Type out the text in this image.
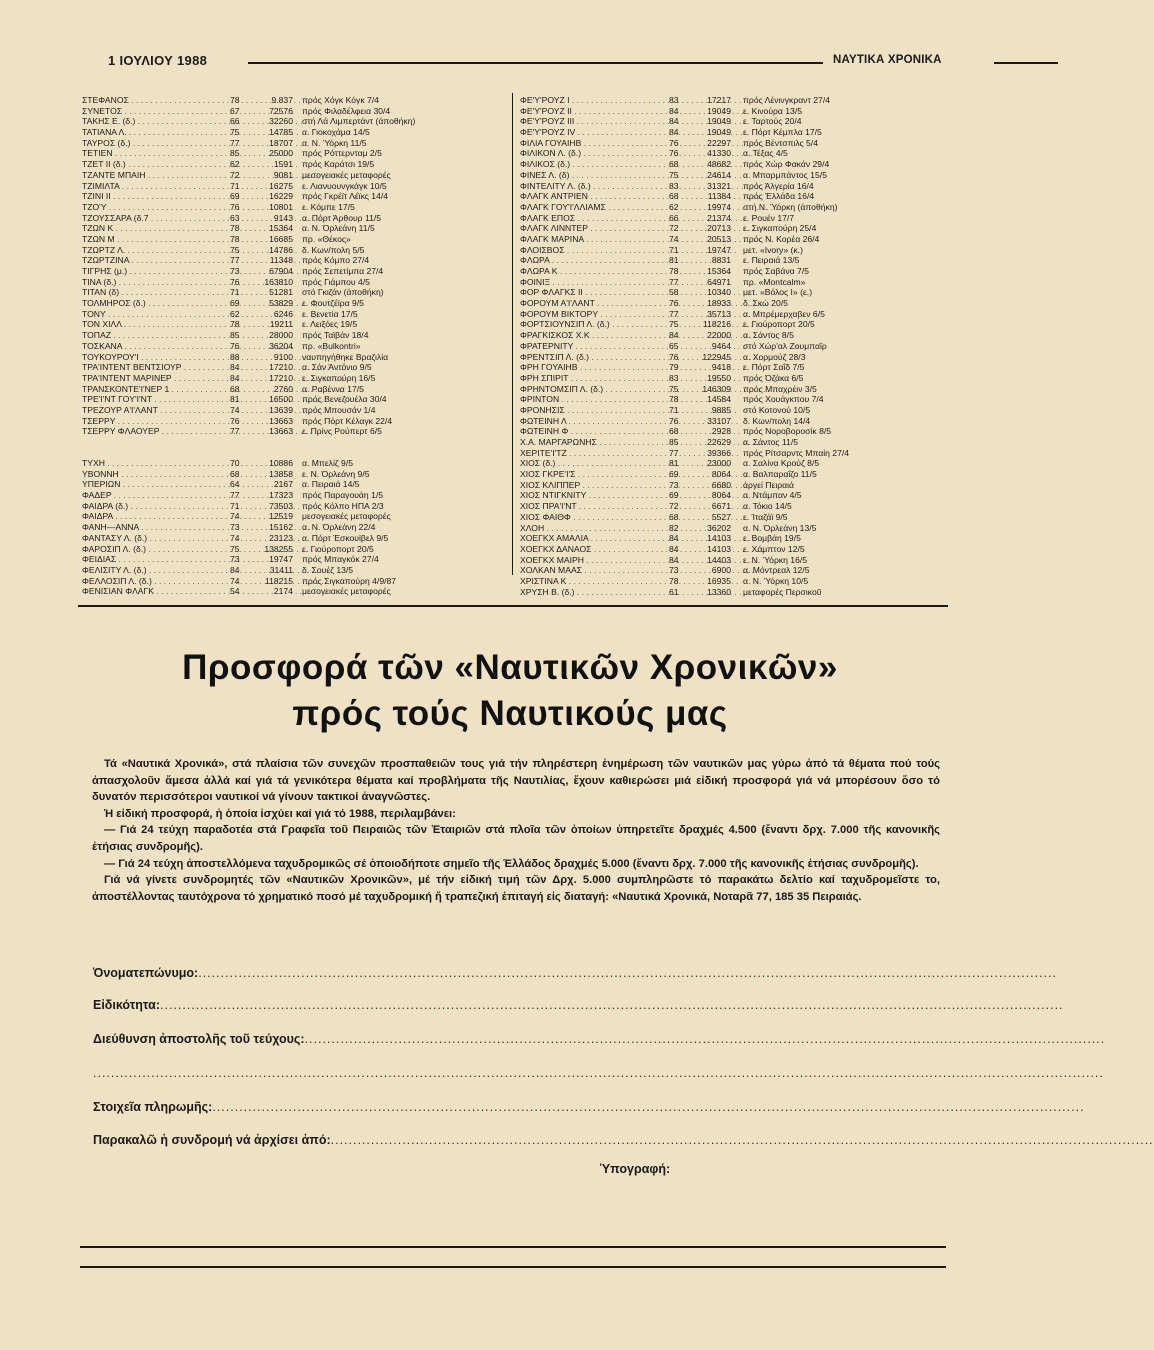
1 ΙΟΥΛΙΟΥ 1988	ΝΑΥΤΙΚΑ ΧΡΟΝΙΚΑ
ΣΤΕΦΑΝΟΣ . . .	78	9.837 πρός Χόγκ Κόγκ 7/4
ΣΥΝΕΤΟΣ . . .	67	72576 πρός Φιλαδέλφεια 30/4
ΤΑΚΗΣ Ε. (δ.) . . .	66	32260 στή Λά Λιμπερτάντ (άποθήκη)
ΤΑΤΙΑΝΑ Λ. . . .	75	14785 α. Γιοκοχάμα 14/5
ΤΑΥΡΟΣ (δ.) . . .	77	18707 α. Ν. Ύόρκη 11/5
ΤΕΤΙΕΝ . . .	85	25000 πρός Ρόττερνταμ 2/5
ΤΖΕΤ ΙΙ (δ.) . . .	62	1591 πρός Καράτσι 19/5
ΤΖΑΝΤΕ ΜΠΑΙΗ . . .	72	9081 μεσογειακές μεταφορές
ΤΖΙΜΙΛΤΑ . . .	71	16275 ε. Λιανυουνγκάγκ 10/5
ΤΖΙΝΙ ΙΙ . . .	69	16229 πρός Γκρέϊτ Λέϊκς 14/4
ΤΖΟ'Υ . . .	76	10801 ε. Κόμπε 17/5
ΤΖΟΥΣΣΑΡΑ (δ.7 . . .	63	9143 α. Πόρτ Άρθουρ 11/5
ΤΖΩΝ Κ . . .	78	15364 α. Ν. Όρλεάνη 11/5
ΤΖΩΝ Μ . . .	78	16685 πρ. «Θέκος»
ΤΖΩΡΤΖ Λ. . . .	75	14786 δ. Κων/πολη 5/5
ΤΖΩΡΤΖΙΝΑ . . .	77	11348 πρός Κόμπο 27/4
ΤΙΓΡΗΣ (μ.) . . .	73	67904 πρός Σεπετίμπα 27/4
ΤΙΝΑ (δ.) . . .	76	163810 πρός Γιάμπου 4/5
ΤΙΤΑΝ (δ) . . .	71	51281 στό Γκιζάν (άποθήκη)
ΤΟΛΜΗΡΟΣ (δ.) . . .	69	53829 ε. Φουτζέϊρα 9/5
ΤΟΝΥ . . .	62	6246 ε. Βενετία 17/5
ΤΟΝ ΧΙΛΛ . . .	78	19211 ε. Λειξόες 19/5
ΤΟΠΑΖ . . .	85	28000 πρός Ταϊβάν 18/4
ΤΟΣΚΑΝΑ . . .	76	36204 πρ. «Bulkontri»
ΤΟΥΚΟΥΡΟΥ'Ι . . .	88	9100 ναυπηγήθηκε Βραζιλία
ΤΡΑ'ΙΝΤΕΝΤ ΒΕΝΤΣΙΟΥΡ . . .	84	17210 α. Σάν Άντόνιο 9/5
ΤΡΑ'ΙΝΤΕΝΤ ΜΑΡΙΝΕΡ . . .	84	17210 ε. Σιγκαπούρη 16/5
ΤΡΑΝΣΚΟΝΤΕ'Ι'ΝΕΡ 1 . . .	68	2760 α. Ραβέννα 17/5
ΤΡΕ'Ι'ΝΤ ΓΟΥ'Ι'ΝΤ . . .	81	16500 πρός Βενεζουέλα 30/4
ΤΡΕΖΟΥΡ Α'Ι'ΛΑΝΤ . . .	74	13639 πρός Μπουσάν 1/4
ΤΣΕΡΡΥ . . .	76	13663 πρός Πόρτ Κέλαγκ 22/4
ΤΣΕΡΡΥ ΦΛΑΟΥΕΡ . . .	77	13663 ε. Πρίνς Ρούπερτ 6/5
ΤΥΧΗ . . .	70	10886 α. Μπελίζ 9/5
ΥΒΟΝΝΗ . . .	68	13858 ε. Ν. Όρλεάνη 9/5
ΥΠΕΡΙΩΝ . . .	64	2167 α. Πειραιά 14/5
ΦΑΔΕΡ . . .	77	17323 πρός Παραγουάη 1/5
ΦΑΙΔΡΑ (δ.) . . .	71	73503 πρός Κόλπο ΗΠΑ 2/3
ΦΑΙΔΡΑ . . .	74	12519 μεσογειακές μεταφορές
ΦΑΝΗ—ΑΝΝΑ . . .	73	15162 α. Ν. Όρλεάνη 22/4
ΦΑΝΤΑΣΥ Λ. (δ.) . . .	74	23123 α. Πόρτ Έσκουϊβελ 9/5
ΦΑΡΟΣΙΠ Λ. (δ.) . . .	75	138255 ε. Γιούροπορτ 20/5
ΦΕΙΔΙΑΣ . . .	73	19747 πρός Μπαγκόκ 27/4
ΦΕΛΙΣΙΤΥ Λ. (δ.) . . .	84	31411 δ. Σουέζ 13/5
ΦΕΛΛΟΣΙΠ Λ. (δ.) . . .	74	118215 πρός Σιγκαπούρη 4/9/87
ΦΕΝΙΣΙΑΝ ΦΛΑΓΚ . . .	54	2174 μεσογειακές μεταφορές
ΦΕ'Υ'ΡΟΥΖ Ι . . .	83	17217 πρός Λένινγκραντ 27/4
ΦΕ'Υ'ΡΟΥΖ ΙΙ . . .	84	19049 ε. Κινούρα 13/5
ΦΕ'Υ'ΡΟΥΖ ΙΙΙ . . .	84	19049 ε. Ταρτούς 20/4
ΦΕ'Υ'ΡΟΥΖ ΙV . . .	84	19049 ε. Πόρτ Κέμπλα 17/5
ΦΙΛΙΑ ΓΟΥΑΙΗΒ . . .	76	22297 πρός Βέντσπιλς 5/4
ΦΙΛΙΚΟΝ Λ. (δ.) . . .	76	41330 α. Τέξας 4/5
ΦΙΛΙΚΟΣ (δ.) . . .	68	48682 πρός Χώρ Φακάν 29/4
ΦΙΝΕΣ Λ. (δ) . . .	75	24614 α. Μπαρμπάντος 15/5
ΦΙΝΤΕΛΙΤΥ Λ. (δ.) . . .	83	31321 πρός Άλγερία 16/4
ΦΛΑΓΚ ΑΝΤΡΙΕΝ . . .	68	11384 πρός Έλλάδα 16/4
ΦΛΑΓΚ ΓΟΥ'Ι'ΛΛΙΑΜΣ . . .	62	19974 στή Ν. Ύόρκη (άποθήκη)
ΦΛΑΓΚ ΕΠΟΣ . . .	66	21374 ε. Ρουέν 17/7
ΦΛΑΓΚ ΛΙΝΝΤΕΡ . . .	72	20713 ε. Σιγκαπούρη 25/4
ΦΛΑΓΚ ΜΑΡΙΝΑ . . .	74	20513 πρός Ν. Κορέα 26/4
ΦΛΟΙΣΒΟΣ . . .	71	19747 μετ. «Ivory» (κ.)
ΦΛΩΡΑ . . .	81	8831 ε. Πειραιά 13/5
ΦΛΩΡΑ Κ . . .	78	15364 πρός Σαβάνα 7/5
ΦΟΙΝΙΞ . . .	77	64971 πρ. «Montcalm»
ΦΟΡ ΦΛΑΓΚΣ ΙΙ . . .	58	10340 μετ. «Βόλος Ι» (ε.)
ΦΟΡΟΥΜ Α'Ι'ΛΑΝΤ . . .	76	18933 δ. Σκώ 20/5
ΦΟΡΟΥΜ ΒΙΚΤΟΡΥ . . .	77	35713 α. Μπρέμερχαβεν 6/5
ΦΟΡΤΣΙΟΥΝΣΙΠ Λ. (δ.) . . .	75	118216 ε. Γιούροπορτ 20/5
ΦΡΑΓΚΙΣΚΟΣ Χ.Κ . . .	84	22000 α. Σάντος 8/5
ΦΡΑΤΕΡΝΙΤΥ . . .	65	9464 στό Χώρ'αλ Ζουμπαΐρ
ΦΡΕΝΤΣΙΠ Λ. (δ.) . . .	76	122945 α. Χορμούζ 28/3
ΦΡΗ ΓΟΥΑΙΗΒ . . .	79	9418 ε. Πόρτ Σαΐδ 7/5
ΦΡΗ ΣΠΙΡΙΤ . . .	83	19550 πρός Όζάκα 6/5
ΦΡΗΝΤΟΜΣΙΠ Λ. (δ.) . . .	75	146309 πρός Μπαχρέιν 3/5
ΦΡΙΝΤΟΝ . . .	78	14584 πρός Χουάγκπου 7/4
ΦΡΟΝΗΣΙΣ . . .	71	9885 στό Κοτονού 10/5
ΦΩΤΕΙΝΗ Λ . . .	76	33107 δ. Κων/πολη 14/4
ΦΩΤΕΙΝΗ Φ . . .	68	2928 πρός Νοροβοροσίκ 8/5
Χ.Α. ΜΑΡΓΑΡΩΝΗΣ . . .	85	22629 α. Σάντος 11/5
ΧΕΡΙΤΕ'Ι'ΤΖ . . .	77	39366 πρός Ρίτσαρντς Μπαίη 27/4
ΧΙΟΣ (δ.) . . .	81	23000 α. Σαλίνα Κρούζ 8/5
ΧΙΟΣ ΓΚΡΕ'Ι'Σ . . .	69	8064 α. Βαλπαραΐζο 11/5
ΧΙΟΣ ΚΛΙΠΠΕΡ . . .	73	6680 άργεί Πειραιά
ΧΙΟΣ ΝΤΙΓΚΝΙΤΥ . . .	69	8064 α. Ντάμπαν 4/5
ΧΙΟΣ ΠΡΑ'Ι'ΝΤ . . .	72	6671 α. Τόκιο 14/5
ΧΙΟΣ ΦΑΙΘΦ . . .	68	5527 ε. Ίταζάϊ 9/5
ΧΛΟΗ . . .	82	36202 α. Ν. Όρλεάνη 13/5
ΧΟΕΓΚΧ ΑΜΑΛΙΑ . . .	84	14103 ε. Βομβάη 19/5
ΧΟΕΓΚΧ ΔΑΝΑΟΣ . . .	84	14103 ε. Χάμπτον 12/5
ΧΟΕΓΚΧ ΜΑΙΡΗ . . .	84	14403 ε. Ν. Ύόρκη 16/5
ΧΟΛΚΑΝ ΜΑΑΣ . . .	73	6900 α. Μόντρεαλ 12/5
ΧΡΙΣΤΙΝΑ Κ . . .	78	16935 α. Ν. Ύόρκη 10/5
ΧΡΥΣΗ Β. (δ.) . . .	61	13360 μεταφορές Περσικοῦ
Προσφορά τῶν «Ναυτικῶν Χρονικῶν»
πρός τούς Ναυτικούς μας

Τά «Ναυτικά Χρονικά», στά πλαίσια τῶν συνεχῶν προσπαθειῶν τους γιά τήν πληρέστερη ἐνημέρωση τῶν ναυτικῶν μας γύρω ἀπό τά θέματα πού τούς ἀπασχολοῦν ἄμεσα ἀλλά καί γιά τά γενικότερα θέματα καί προβλήματα τῆς Ναυτιλίας, ἔχουν καθιερώσει μιά εἰδική προσφορά γιά νά μπορέσουν ὅσο τό δυνατόν περισσότεροι ναυτικοί νά γίνουν τακτικοί ἀναγνῶστες.

Ἡ εἰδική προσφορά, ἡ ὁποία ἰσχύει καί γιά τό 1988, περιλαμβάνει:

— Γιά 24 τεύχη παραδοτέα στά Γραφεῖα τοῦ Πειραιῶς τῶν Ἑταιριῶν στά πλοῖα τῶν ὁποίων ὑπηρετεῖτε δραχμές 4.500 (ἔναντι δρχ. 7.000 τῆς κανονικῆς ἐτήσιας συνδρομῆς).

— Γιά 24 τεύχη ἀποστελλόμενα ταχυδρομικῶς σέ ὁποιοδήποτε σημεῖο τῆς Ἑλλάδος δραχμές 5.000 (ἔναντι δρχ. 7.000 τῆς κανονικῆς ἐτήσιας συνδρομῆς).

Γιά νά γίνετε συνδρομητές τῶν «Ναυτικῶν Χρονικῶν», μέ τήν εἰδική τιμή τῶν Δρχ. 5.000 συμπληρῶστε τό παρακάτω δελτίο καί ταχυδρομεῖστε το, ἀποστέλλοντας ταυτόχρονα τό χρηματικό ποσό μέ ταχυδρομική ἤ τραπεζική ἐπιταγή εἰς διαταγή: «Ναυτικά Χρονικά, Νοταρᾶ 77, 185 35 Πειραιάς.

Ὀνοματεπώνυμο:................................................................................................................................................................................................
Εἰδικότητα:..........................................................................................................................................................................................................
Διεύθυνση ἀποστολῆς τοῦ τεύχους:...................................................................................................................................................................................
..................................................................................................................................................................................................................................
Στοιχεῖα πληρωμῆς:...................................................................................................................................................................................................
Παρακαλῶ ἡ συνδρομή νά ἀρχίσει ἀπό:........................................................................................................................................................................................
Ὑπογραφή:
